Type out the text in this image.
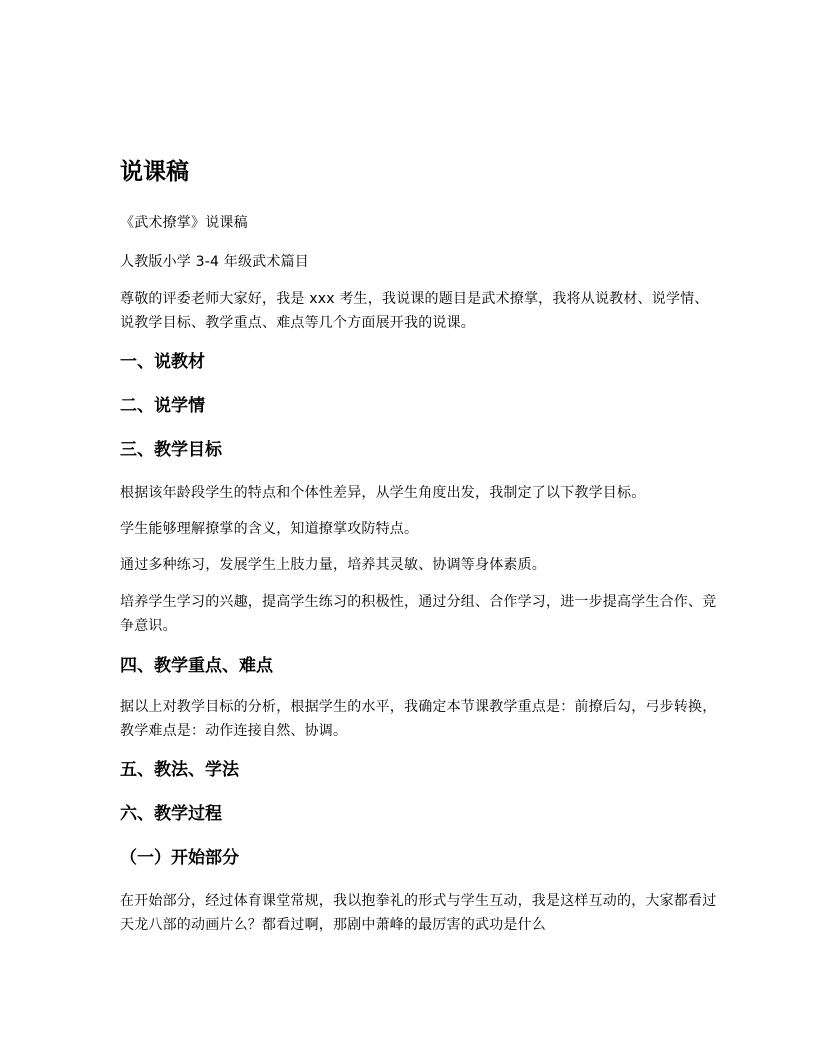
说课稿

《武术撩掌》说课稿

人教版小学 3-4 年级武术篇目

尊敬的评委老师大家好，我是 xxx 考生，我说课的题目是武术撩掌，我将从说教材、说学情、说教学目标、教学重点、难点等几个方面展开我的说课。

一、说教材
二、说学情
三、教学目标

根据该年龄段学生的特点和个体性差异，从学生角度出发，我制定了以下教学目标。

学生能够理解撩掌的含义，知道撩掌攻防特点。

通过多种练习，发展学生上肢力量，培养其灵敏、协调等身体素质。

培养学生学习的兴趣，提高学生练习的积极性，通过分组、合作学习，进一步提高学生合作、竞争意识。

四、教学重点、难点

据以上对教学目标的分析，根据学生的水平，我确定本节课教学重点是：前撩后勾，弓步转换，教学难点是：动作连接自然、协调。

五、教法、学法
六、教学过程
（一）开始部分

在开始部分，经过体育课堂常规，我以抱拳礼的形式与学生互动，我是这样互动的，大家都看过天龙八部的动画片么？都看过啊，那剧中萧峰的最厉害的武功是什么
